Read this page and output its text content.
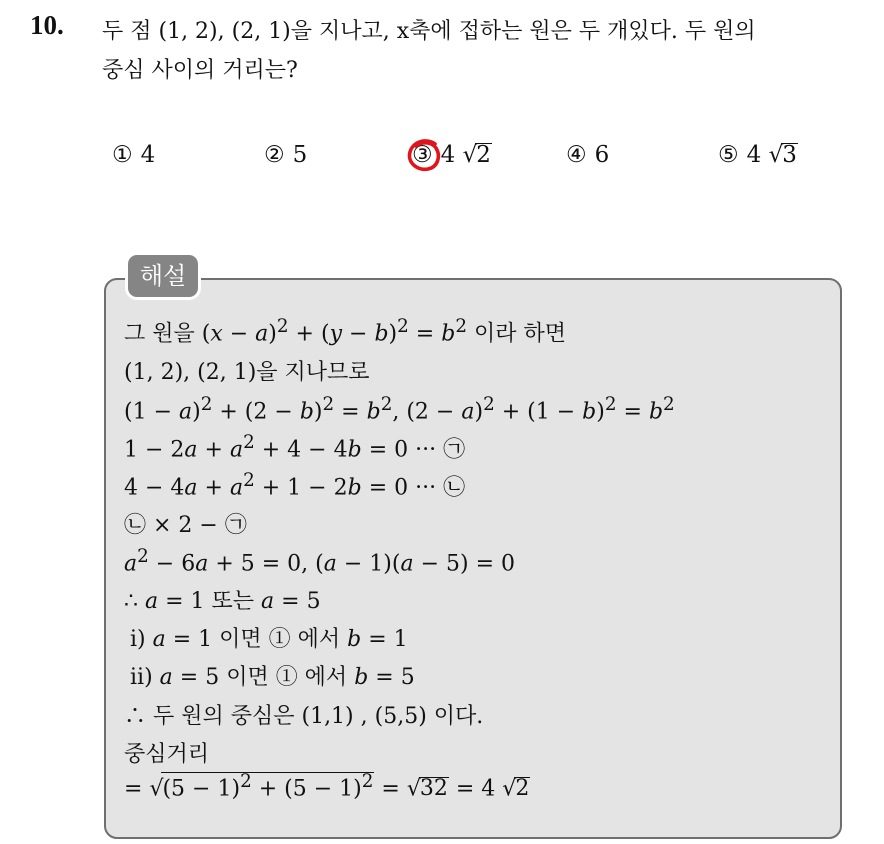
10. 두 점 (1, 2), (2, 1)을 지나고, x축에 접하는 원은 두 개있다. 두 원의
중심 사이의 거리는?
① 4	② 5	③ 4 √2	④ 6	⑤ 4 √3
해설
그 원을 $(x - a)^2 + (y - b)^2 = b^2$ 이라 하면
(1, 2), (2, 1)을 지나므로
$(1 - a)^2 + (2 - b)^2 = b^2$, $(2 - a)^2 + (1 - b)^2 = b^2$
$1 - 2a + a^2 + 4 - 4b = 0$ ··· ㉠
$4 - 4a + a^2 + 1 - 2b = 0$ ··· ㉡
㉡ × 2 − ㉠
$a^2 - 6a + 5 = 0$, (a − 1)(a − 5) = 0
∴ a = 1 또는 a = 5
ⅰ) a = 1 이면 ① 에서 b = 1
ⅱ) a = 5 이면 ① 에서 b = 5
∴ 두 원의 중심은 (1,1) , (5,5) 이다.
중심거리
= $√(5 - 1)^2 + (5 - 1)^2 = √32 = 4$ √2
